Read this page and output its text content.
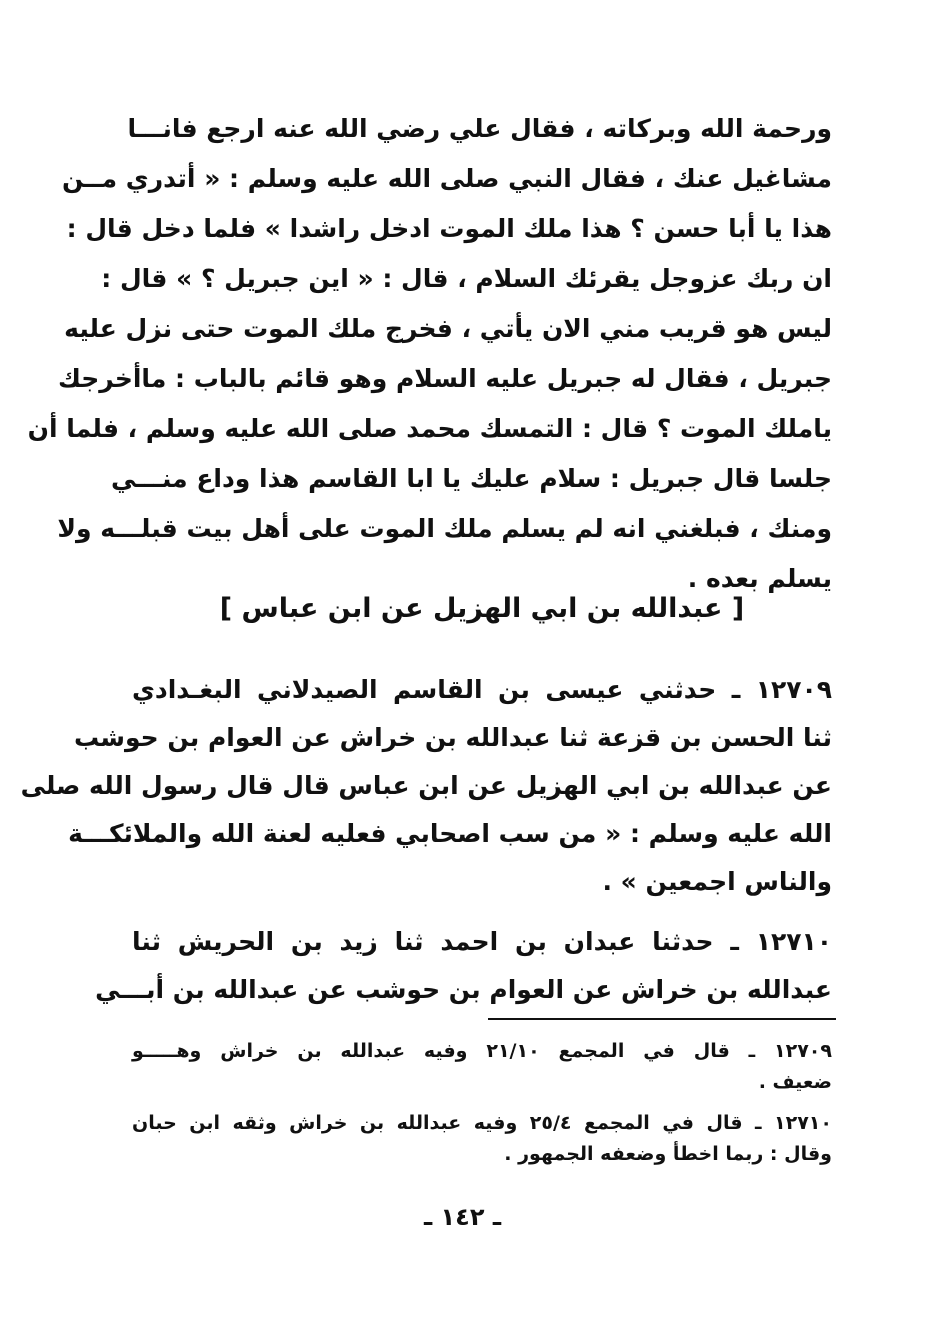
ورحمة الله وبركاته ، فقال علي رضي الله عنه ارجع فانـــا
مشاغيل عنك ، فقال النبي صلى الله عليه وسلم : « أتدري مــن
هذا يا أبا حسن ؟ هذا ملك الموت ادخل راشدا » فلما دخل قال :
ان ربك عزوجل يقرئك السلام ، قال : « اين جبريل ؟ » قال :
ليس هو قريب مني الان يأتي ، فخرج ملك الموت حتى نزل عليه
جبريل ، فقال له جبريل عليه السلام وهو قائم بالباب : ماأخرجك
ياملك الموت ؟ قال : التمسك محمد صلى الله عليه وسلم ، فلما أن
جلسا قال جبريل : سلام عليك يا ابا القاسم هذا وداع منـــي
ومنك ، فبلغني انه لم يسلم ملك الموت على أهل بيت قبلـــه ولا
يسلم بعده .
[ عبدالله بن ابي الهزيل عن ابن عباس ]
١٢٧٠٩ ـ حدثني عيسى بن القاسم الصيدلاني البغـدادي
ثنا الحسن بن قزعة ثنا عبدالله بن خراش عن العوام بن حوشب
عن عبدالله بن ابي الهزيل عن ابن عباس قال قال رسول الله صلى
الله عليه وسلم : « من سب اصحابي فعليه لعنة الله والملائكـــة
والناس اجمعين » .
١٢٧١٠ ـ حدثنا عبدان بن احمد ثنا زيد بن الحريش ثنا
عبدالله بن خراش عن العوام بن حوشب عن عبدالله بن أبـــي
١٢٧٠٩ ـ قال في المجمع ٢١/١٠ وفيه عبدالله بن خراش وهـــــو
ضعيف .
١٢٧١٠ ـ قال في المجمع ٢٥/٤ وفيه عبدالله بن خراش وثقه ابن حبان
وقال : ربما اخطأ وضعفه الجمهور .
ـ ١٤٢ ـ
